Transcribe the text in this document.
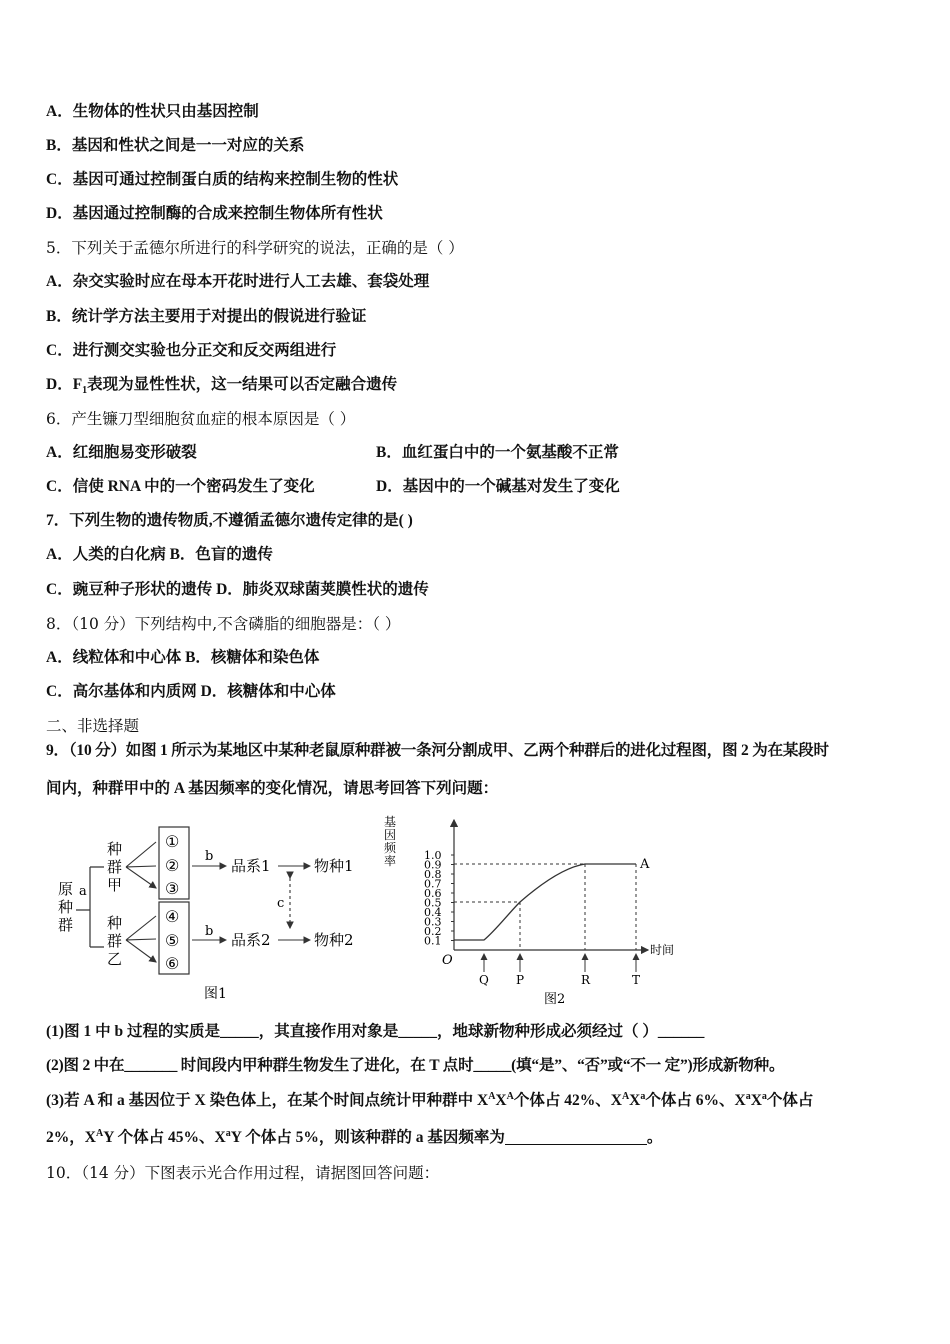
A．生物体的性状只由基因控制
B．基因和性状之间是一一对应的关系
C．基因可通过控制蛋白质的结构来控制生物的性状
D．基因通过控制酶的合成来控制生物体所有性状
5．下列关于孟德尔所进行的科学研究的说法，正确的是（ ）
A．杂交实验时应在母本开花时进行人工去雄、套袋处理
B．统计学方法主要用于对提出的假说进行验证
C．进行测交实验也分正交和反交两组进行
D．$F_1$表现为显性性状，这一结果可以否定融合遗传
6．产生镰刀型细胞贫血症的根本原因是（ ）
A．红细胞易变形破裂	B．血红蛋白中的一个氨基酸不正常
C．信使 RNA 中的一个密码发生了变化	D．基因中的一个碱基对发生了变化
7．下列生物的遗传物质,不遵循孟德尔遗传定律的是( )
A．人类的白化病 B．色盲的遗传
C．豌豆种子形状的遗传 D．肺炎双球菌荚膜性状的遗传
8．（10 分）下列结构中,不含磷脂的细胞器是：（ ）
A．线粒体和中心体 B．核糖体和染色体
C．高尔基体和内质网 D．核糖体和中心体
二、非选择题
9．（10 分）如图 1 所示为某地区中某种老鼠原种群被一条河分割成甲、乙两个种群后的进化过程图，图 2 为在某段时
间内，种群甲中的 A 基因频率的变化情况，请思考回答下列问题：
原
种
群
a
种
群
甲
种
群
乙
①
②
③
④
⑤
⑥
b
b
品系1
品系2
物种1
物种2
c
图1
基
因
频
率	1.0
0.9
0.8
0.7
0.6
0.5
0.4
0.3
0.2
0.1
O
时间
A
Q P	R	T
图2
(1)图 1 中 b 过程的实质是_____，其直接作用对象是_____，地球新物种形成必须经过（ ）______
(2)图 2 中在_______ 时间段内甲种群生物发生了进化，在 T 点时_____(填“是”、“否”或“不一 定”)形成新物种。
(3)若 A 和 a 基因位于 X 染色体上，在某个时间点统计甲种群中 $X^AX^A$个体占 42%、$X^AX^a$个体占 6%、$X^aX^a$个体占
2%，$X^AY$ 个体占 45%、$X^aY$ 个体占 5%，则该种群的 a 基因频率为	。
10．（14 分）下图表示光合作用过程，请据图回答问题：
